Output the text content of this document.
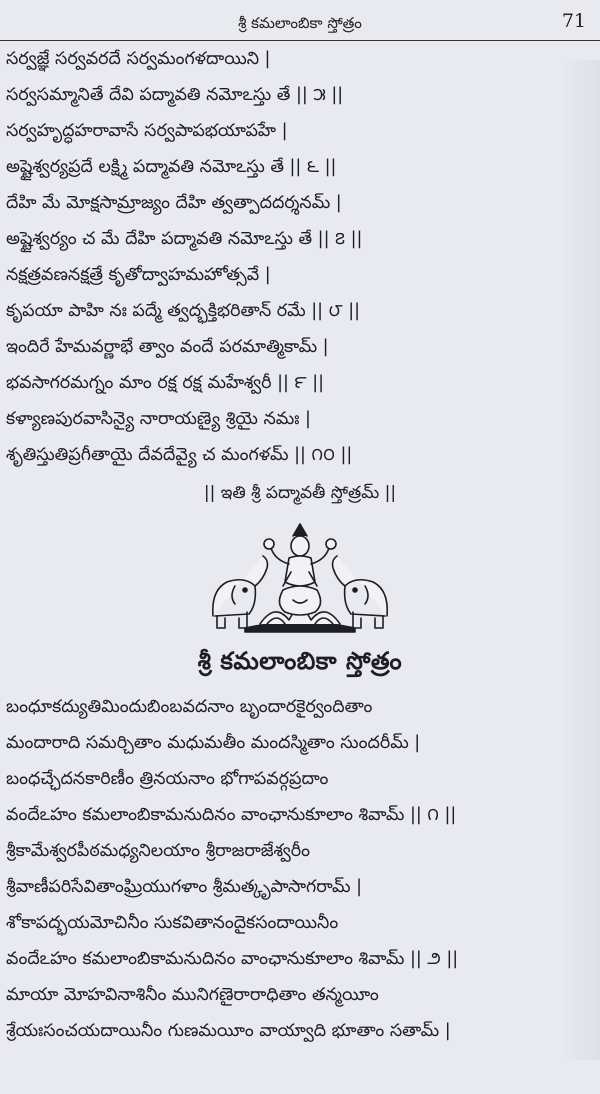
శ్రీ కమలాంబికా స్తోత్రం	71
సర్వజ్ఞే సర్వవరదే సర్వమంగళదాయిని |
సర్వసమ్మానితే దేవి పద్మావతి నమోఽస్తు తే || ౫ ||
సర్వహృద్ధహరావాసే సర్వపాపభయాపహే |
అష్టైశ్వర్యప్రదే లక్ష్మి పద్మావతి నమోఽస్తు తే || ౬ ||
దేహి మే మోక్షసామ్రాజ్యం దేహి త్వత్పాదదర్శనమ్ |
అష్టైశ్వర్యం చ మే దేహి పద్మావతి నమోఽస్తు తే || ౭ ||
నక్షత్రవణనక్షత్రే కృతోద్వాహమహోత్సవే |
కృపయా పాహి నః పద్మే త్వద్భక్తిభరితాన్ రమే || ౮ ||
ఇందిరే హేమవర్ణాభే త్వాం వందే పరమాత్మికామ్ |
భవసాగరమగ్నం మాం రక్ష రక్ష మహేశ్వరీ || ౯ ||
కళ్యాణపురవాసిన్యై నారాయణ్యై శ్రియై నమః |
శృతిస్తుతిప్రగీతాయై దేవదేవ్యై చ మంగళమ్ || ౧౦ ||
|| ఇతి శ్రీ పద్మావతీ స్తోత్రమ్ ||
శ్రీ కమలాంబికా స్తోత్రం
బంధూకద్యుతిమిందుబింబవదనాం బృందారకైర్వందితాం
మందారాది సమర్చితాం మధుమతీం మందస్మితాం సుందరీమ్ |
బంధచ్ఛేదనకారిణీం త్రినయనాం భోగాపవర్గప్రదాం
వందేఽహం కమలాంబికామనుదినం వాంఛానుకూలాం శివామ్ || ౧ ||
శ్రీకామేశ్వరపీఠమధ్యనిలయాం శ్రీరాజరాజేశ్వరీం
శ్రీవాణీపరిసేవితాంఘ్రియుగళాం శ్రీమత్కృపాసాగరామ్ |
శోకాపద్భయమోచినీం సుకవితానందైకసందాయినీం
వందేఽహం కమలాంబికామనుదినం వాంఛానుకూలాం శివామ్ || ౨ ||
మాయా మోహవినాశినీం మునిగణైరారాధితాం తన్మయీం
శ్రేయఃసంచయదాయినీం గుణమయీం వాయ్వాది భూతాం సతామ్ |
